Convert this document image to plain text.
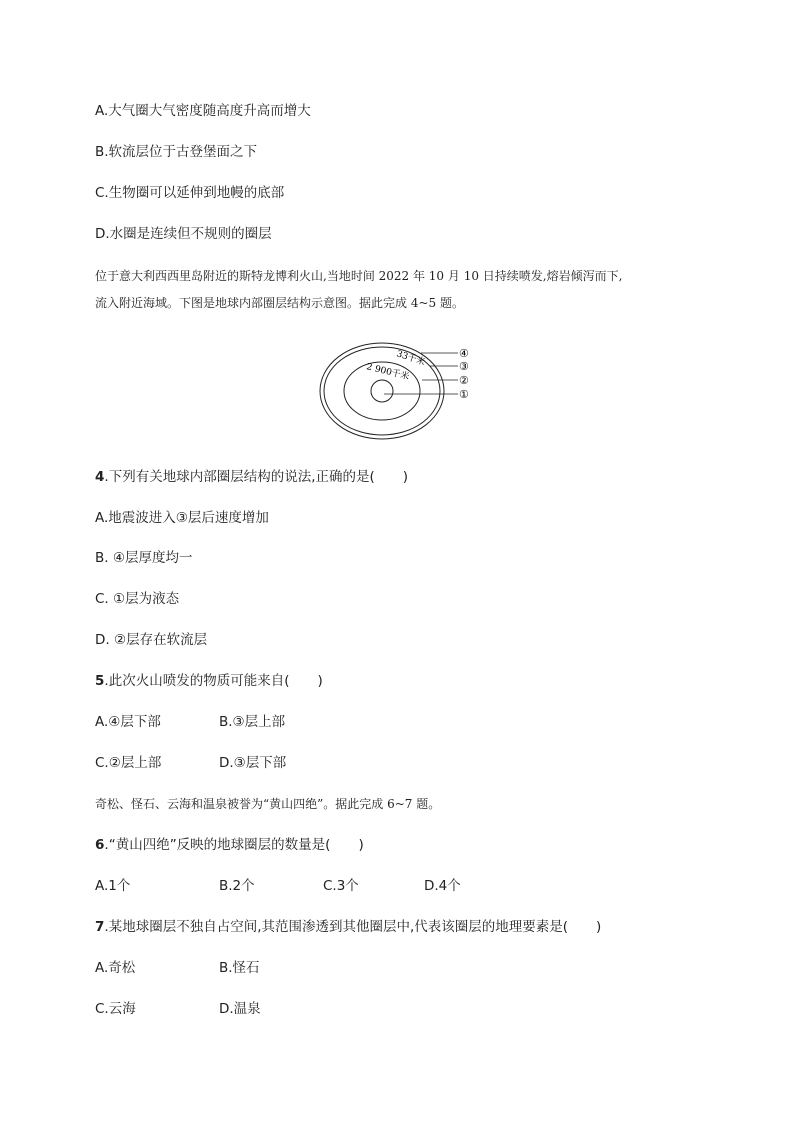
A.大气圈大气密度随高度升高而增大
B.软流层位于古登堡面之下
C.生物圈可以延伸到地幔的底部
D.水圈是连续但不规则的圈层
位于意大利西西里岛附近的斯特龙博利火山,当地时间 2022 年 10 月 10 日持续喷发,熔岩倾泻而下,
流入附近海域。下图是地球内部圈层结构示意图。据此完成 4~5 题。
33千米
2 900千米
④
③
②
①
4.下列有关地球内部圈层结构的说法,正确的是( )
A.地震波进入③层后速度增加
B. ④层厚度均一
C. ①层为液态
D. ②层存在软流层
5.此次火山喷发的物质可能来自( )
A.④层下部	B.③层上部
C.②层上部	D.③层下部
奇松、怪石、云海和温泉被誉为“黄山四绝”。据此完成 6~7 题。
6.“黄山四绝”反映的地球圈层的数量是( )
A.1个	B.2个	C.3个	D.4个
7.某地球圈层不独自占空间,其范围渗透到其他圈层中,代表该圈层的地理要素是( )
A.奇松	B.怪石
C.云海	D.温泉
